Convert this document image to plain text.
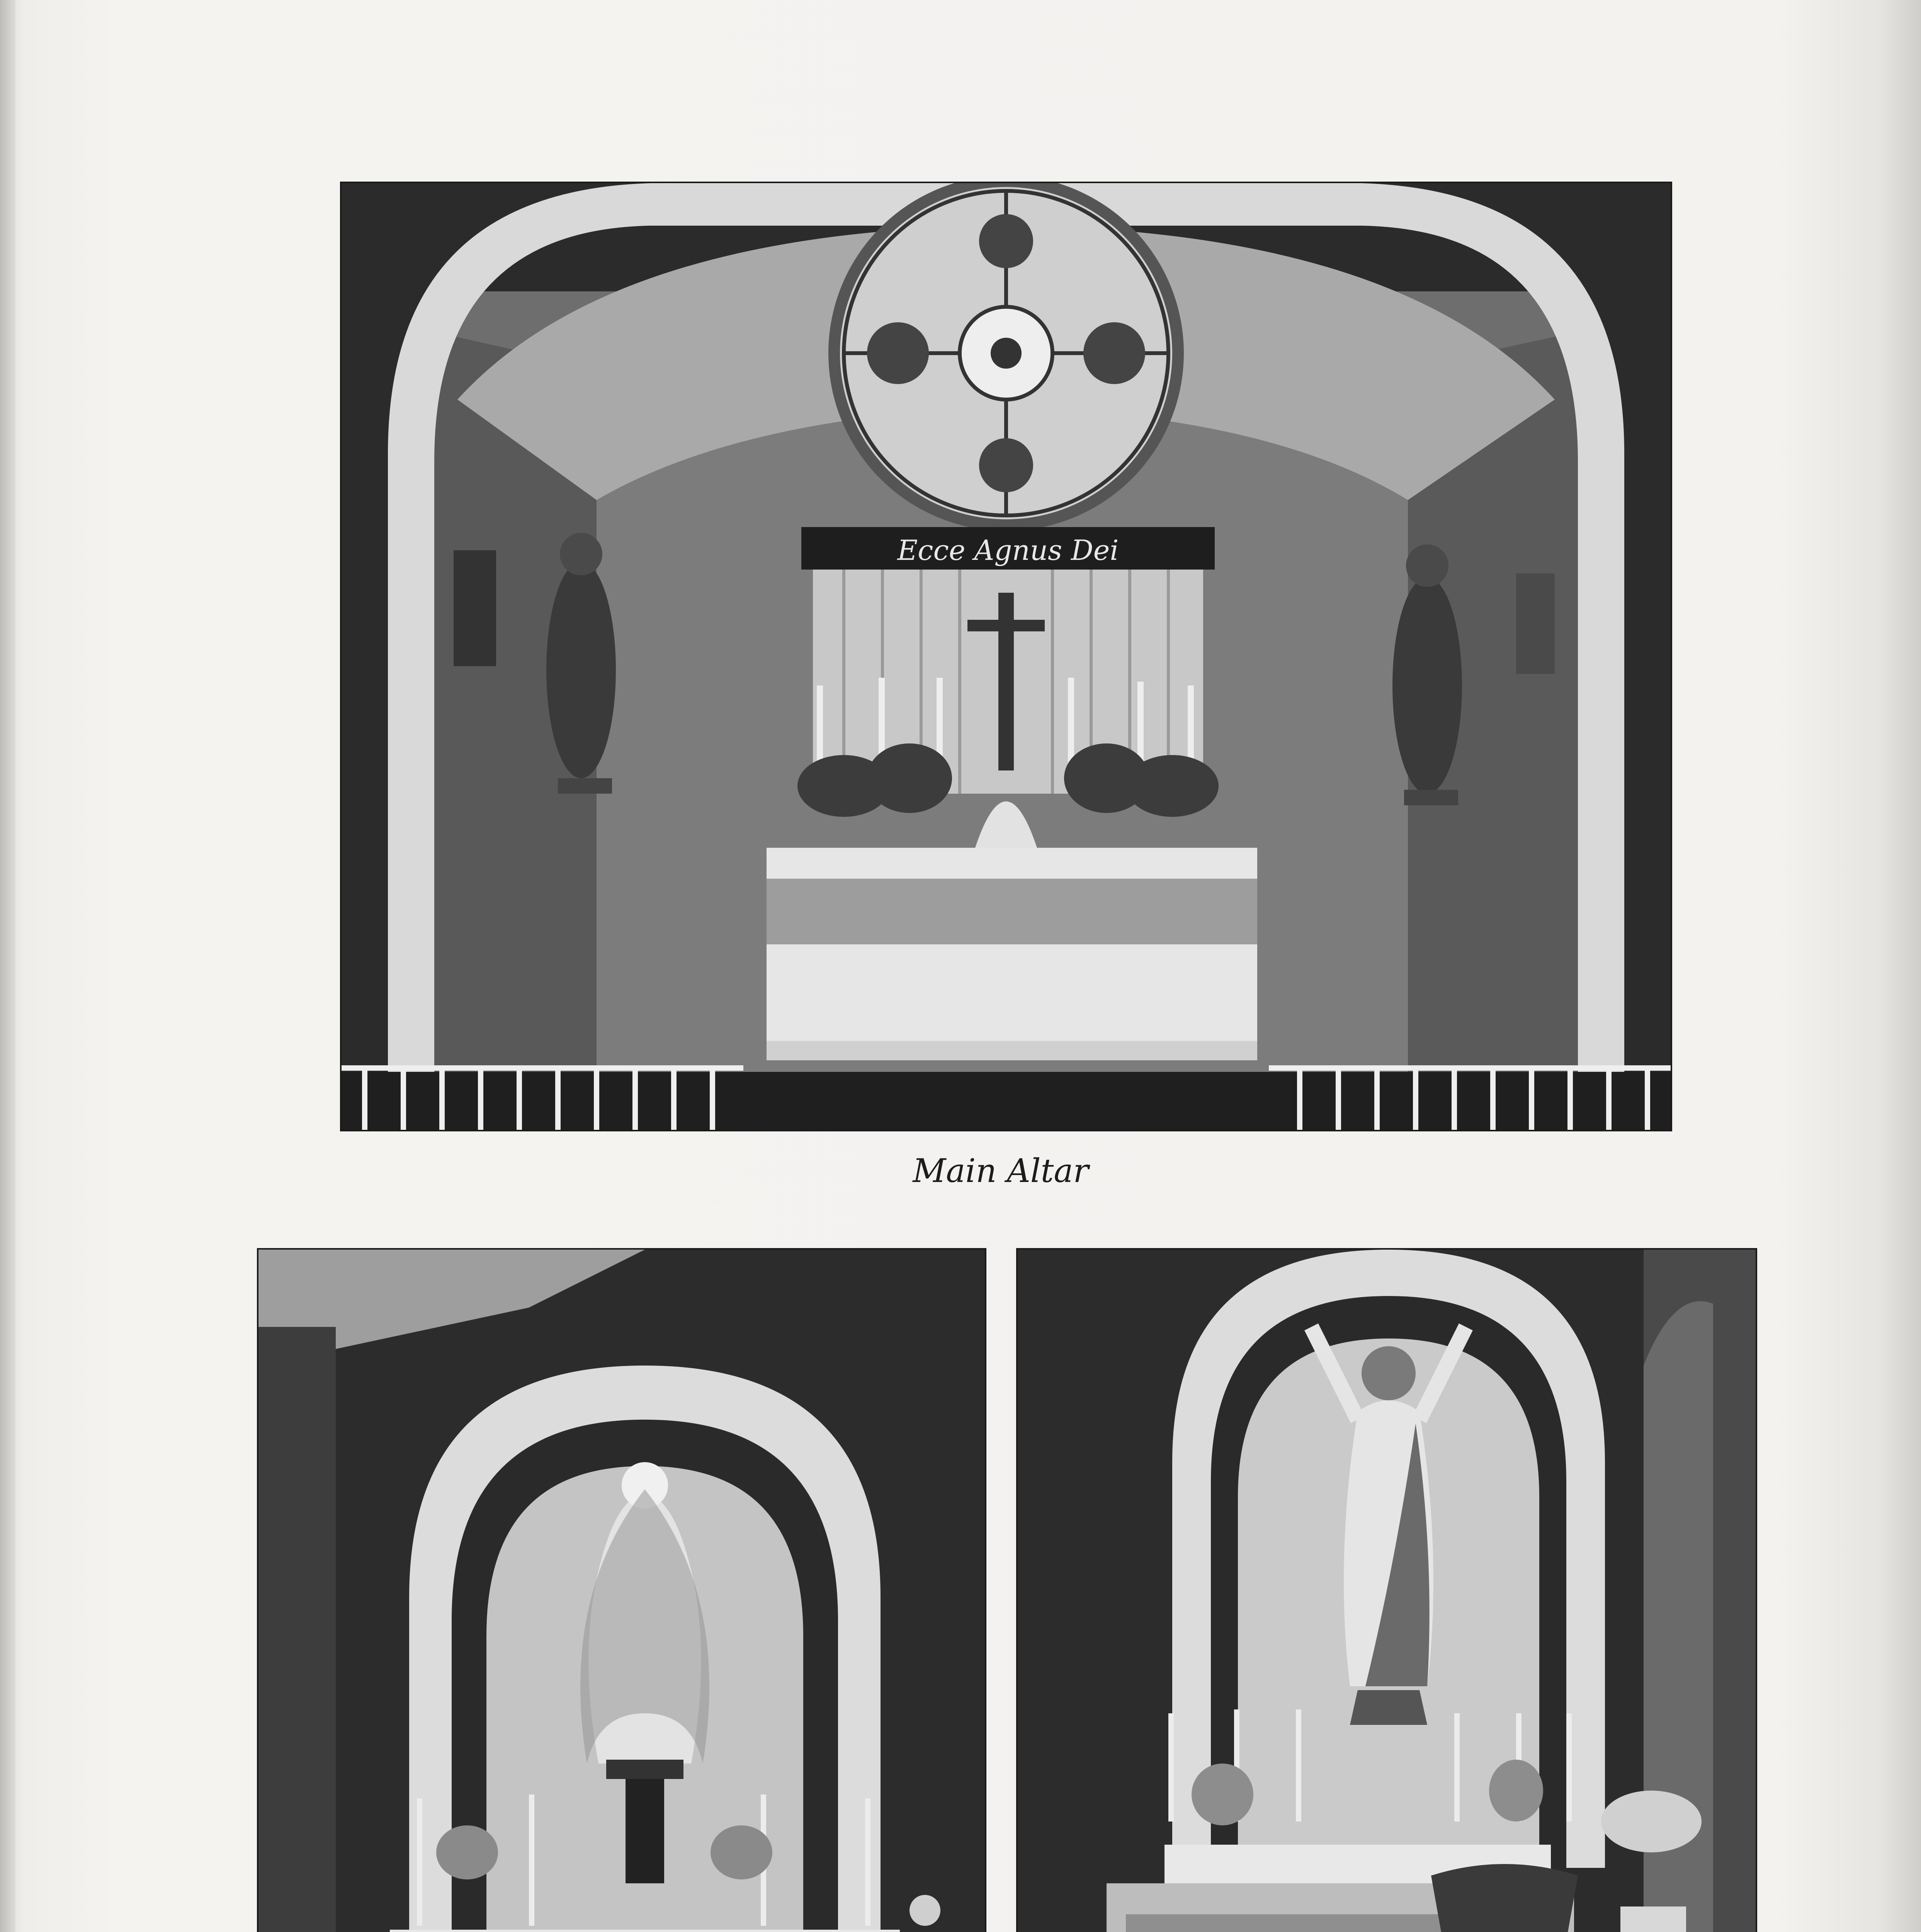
Ecce Agnus Dei
Main Altar
